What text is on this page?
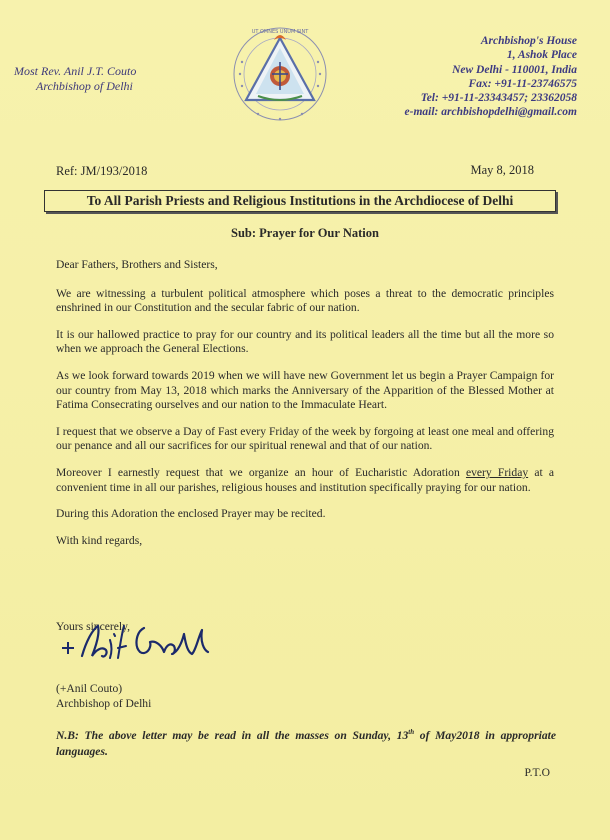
Most Rev. Anil J.T. Couto
Archbishop of Delhi
UT OMNES UNUM SINT
Archbishop's House
1, Ashok Place
New Delhi - 110001, India
Fax: +91-11-23746575
Tel: +91-11-23343457; 23362058
e-mail: archbishopdelhi@gmail.com
Ref: JM/193/2018	May 8, 2018
To All Parish Priests and Religious Institutions in the Archdiocese of Delhi
Sub: Prayer for Our Nation

Dear Fathers, Brothers and Sisters,

We are witnessing a turbulent political atmosphere which poses a threat to the democratic principles enshrined in our Constitution and the secular fabric of our nation.

It is our hallowed practice to pray for our country and its political leaders all the time but all the more so when we approach the General Elections.

As we look forward towards 2019 when we will have new Government let us begin a Prayer Campaign for our country from May 13, 2018 which marks the Anniversary of the Apparition of the Blessed Mother at Fatima Consecrating ourselves and our nation to the Immaculate Heart.

I request that we observe a Day of Fast every Friday of the week by forgoing at least one meal and offering our penance and all our sacrifices for our spiritual renewal and that of our nation.

Moreover I earnestly request that we organize an hour of Eucharistic Adoration every Friday at a convenient time in all our parishes, religious houses and institution specifically praying for our nation.

During this Adoration the enclosed Prayer may be recited.

With kind regards,

Yours sincerely,
(+Anil Couto)
Archbishop of Delhi
N.B: The above letter may be read in all the masses on Sunday, 13th of May2018 in appropriate languages.
P.T.O
